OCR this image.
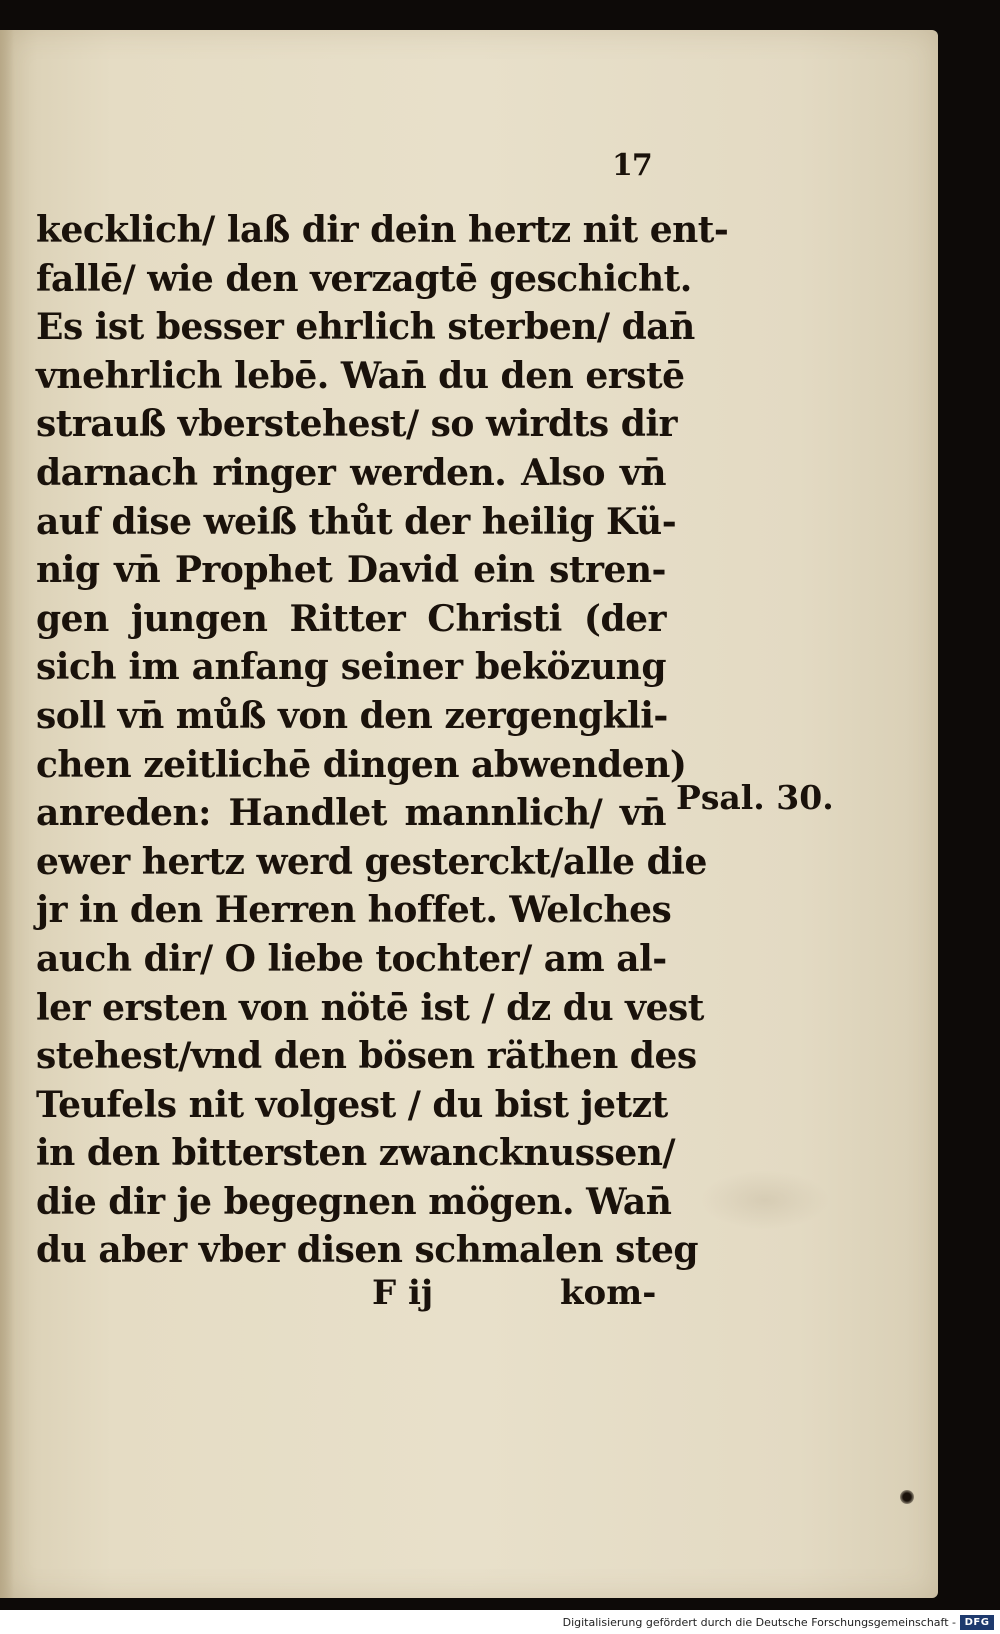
17
kecklich/ laß dir dein hertz nit ent-
fallē/ wie den verzagtē geschicht.
Es ist besser ehrlich sterben/ dan̄
vnehrlich lebē. Wan̄ du den erstē
strauß vberstehest/ so wirdts dir
darnach ringer werden. Also vn̄
auf dise weiß thůt der heilig Kü-
nig vn̄ Prophet David ein stren-
gen jungen Ritter Christi (der
sich im anfang seiner beközung
soll vn̄ můß von den zergengkli-
chen zeitlichē dingen abwenden)
anreden: Handlet mannlich/ vn̄
ewer hertz werd gesterckt/alle die
jr in den Herren hoffet. Welches
auch dir/ O liebe tochter/ am al-
ler ersten von nötē ist / dz du vest
stehest/vnd den bösen räthen des
Teufels nit volgest / du bist jetzt
in den bittersten zwanckn​ussen/
die dir je begegnen mögen. Wan̄
du aber vber disen schmalen steg
Psal. 30.
F ij	kom-
Digitalisierung gefördert durch die Deutsche Forschungsgemeinschaft - DFG
